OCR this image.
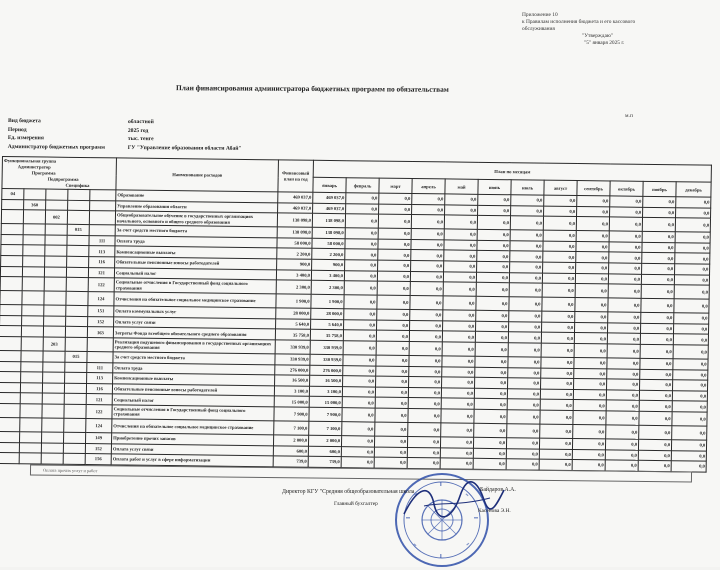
Приложение 10
к Правилам исполнения бюджета и его кассового
обслуживания
"Утверждаю"
"5" января 2025 г.
План финансирования администратора бюджетных программ по обязательствам
м.п
Вид бюджета	областной
Период	2025 год
Ед. измерения	тыс. тенге
Администратор бюджетных программ	ГУ "Управление образования области Абай"
Функциональная группа
Администратор
Программа
Подпрограмма
Специфика					Наименование расходов	Финансовый план на год	План по месяцам											
							январь	февраль	март	апрель	май	июнь	июль	август	сентябрь	октябрь	ноябрь	декабрь
04					Образование	469 037,0	469 037,0	0,0	0,0	0,0	0,0	0,0	0,0	0,0	0,0	0,0	0,0	0,0
	360				Управление образования области	469 037,0	469 037,0	0,0	0,0	0,0	0,0	0,0	0,0	0,0	0,0	0,0	0,0	0,0
		002			Общеобразовательное обучение в государственных организациях начального, основного и общего среднего образования	138 098,0	138 098,0	0,0	0,0	0,0	0,0	0,0	0,0	0,0	0,0	0,0	0,0	0,0
			015		За счет средств местного бюджета	138 098,0	138 098,0	0,0	0,0	0,0	0,0	0,0	0,0	0,0	0,0	0,0	0,0	0,0
				111	Оплата труда	58 000,0	58 000,0	0,0	0,0	0,0	0,0	0,0	0,0	0,0	0,0	0,0	0,0	0,0
				113	Компенсационные выплаты	2 200,0	2 200,0	0,0	0,0	0,0	0,0	0,0	0,0	0,0	0,0	0,0	0,0	0,0
				116	Обязательные пенсионные взносы работодателей	900,0	900,0	0,0	0,0	0,0	0,0	0,0	0,0	0,0	0,0	0,0	0,0	0,0
				121	Социальный налог	3 400,0	3 400,0	0,0	0,0	0,0	0,0	0,0	0,0	0,0	0,0	0,0	0,0	0,0
				122	Социальные отчисления в Государственный фонд социального страхования	2 300,0	2 300,0	0,0	0,0	0,0	0,0	0,0	0,0	0,0	0,0	0,0	0,0	0,0
				124	Отчисления на обязательное социальное медицинское страхование	1 900,0	1 900,0	0,0	0,0	0,0	0,0	0,0	0,0	0,0	0,0	0,0	0,0	0,0
				151	Оплата коммунальных услуг	28 000,0	28 000,0	0,0	0,0	0,0	0,0	0,0	0,0	0,0	0,0	0,0	0,0	0,0
				152	Оплата услуг связи	5 640,0	5 640,0	0,0	0,0	0,0	0,0	0,0	0,0	0,0	0,0	0,0	0,0	0,0
				163	Затраты Фонда всеобщего обязательного среднего образования	35 758,0	35 758,0	0,0	0,0	0,0	0,0	0,0	0,0	0,0	0,0	0,0	0,0	0,0
		203			Реализация подушевого финансирования в государственных организациях среднего образования	330 939,0	330 939,0	0,0	0,0	0,0	0,0	0,0	0,0	0,0	0,0	0,0	0,0	0,0
			015		За счет средств местного бюджета	330 939,0	330 939,0	0,0	0,0	0,0	0,0	0,0	0,0	0,0	0,0	0,0	0,0	0,0
				111	Оплата труда	276 000,0	276 000,0	0,0	0,0	0,0	0,0	0,0	0,0	0,0	0,0	0,0	0,0	0,0
				113	Компенсационные выплаты	16 500,0	16 500,0	0,0	0,0	0,0	0,0	0,0	0,0	0,0	0,0	0,0	0,0	0,0
				116	Обязательные пенсионные взносы работодателей	3 100,0	3 100,0	0,0	0,0	0,0	0,0	0,0	0,0	0,0	0,0	0,0	0,0	0,0
				121	Социальный налог	15 000,0	15 000,0	0,0	0,0	0,0	0,0	0,0	0,0	0,0	0,0	0,0	0,0	0,0
				122	Социальные отчисления в Государственный фонд социального страхования	7 900,0	7 900,0	0,0	0,0	0,0	0,0	0,0	0,0	0,0	0,0	0,0	0,0	0,0
				124	Отчисления на обязательное социальное медицинское страхование	7 100,0	7 100,0	0,0	0,0	0,0	0,0	0,0	0,0	0,0	0,0	0,0	0,0	0,0
				149	Приобретение прочих запасов	2 000,0	2 000,0	0,0	0,0	0,0	0,0	0,0	0,0	0,0	0,0	0,0	0,0	0,0
				152	Оплата услуг связи	600,0	600,0	0,0	0,0	0,0	0,0	0,0	0,0	0,0	0,0	0,0	0,0	0,0
				156	Оплата работ и услуг в сфере информатизации	739,0	739,0	0,0	0,0	0,0	0,0	0,0	0,0	0,0	0,0	0,0	0,0	0,0
Оплата прочих услуг и работ
Директор КГУ "Средняя общеобразовательная школа	Байдаров А.А.
Главный бухгалтер
Касенова Э.Н.
